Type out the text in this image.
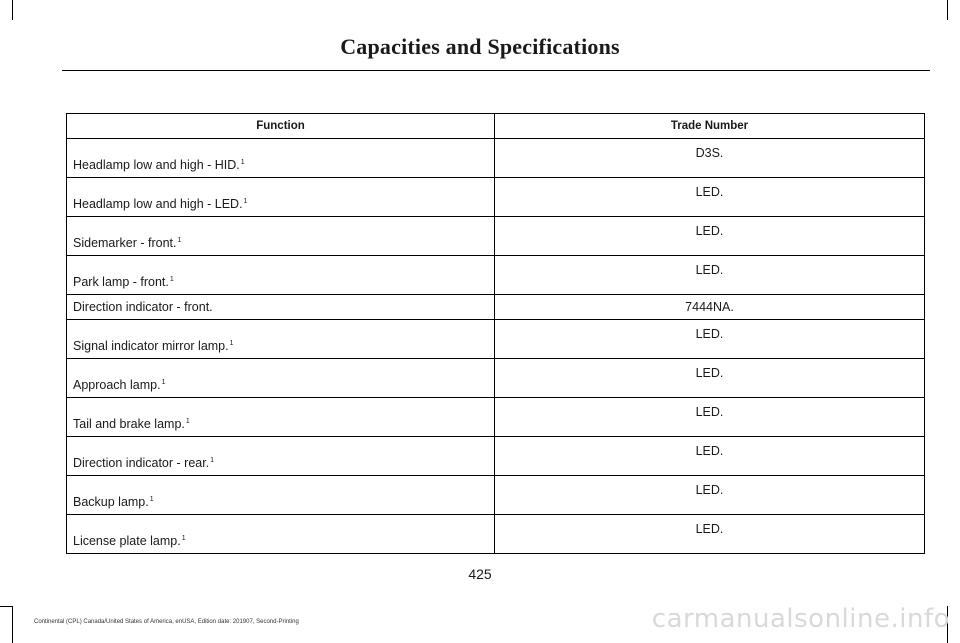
Capacities and Specifications
Function	Trade Number
Headlamp low and high - HID.$^1$	D3S.
Headlamp low and high - LED.$^1$	LED.
Sidemarker - front.$^1$	LED.
Park lamp - front.$^1$	LED.
Direction indicator - front.	7444NA.
Signal indicator mirror lamp.$^1$	LED.
Approach lamp.$^1$	LED.
Tail and brake lamp.$^1$	LED.
Direction indicator - rear.$^1$	LED.
Backup lamp.$^1$	LED.
License plate lamp.$^1$	LED.
425
Continental (CPL) Canada/United States of America, enUSA, Edition date: 201907, Second-Printing	carmanualsonline.info
